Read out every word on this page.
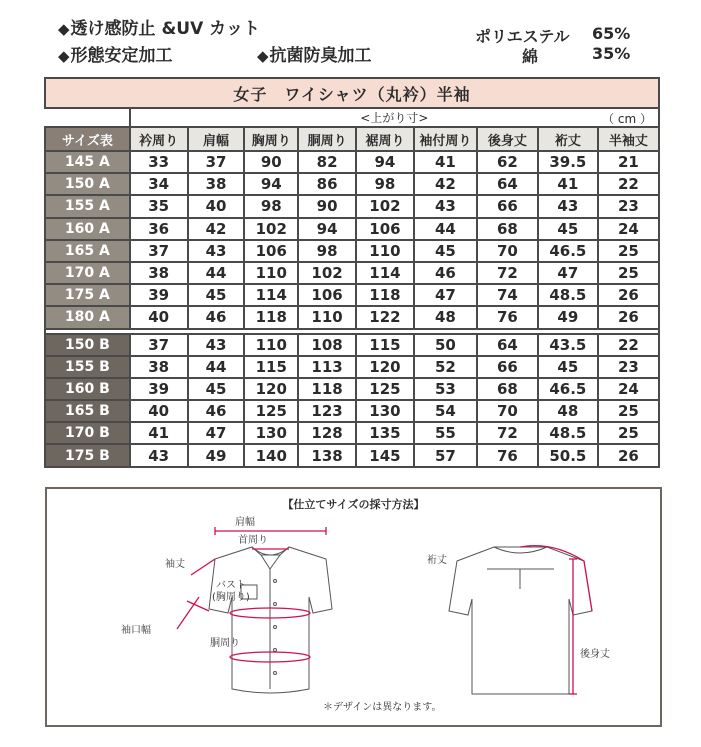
◆透け感防止 &UV カット
◆形態安定加工	◆抗菌防臭加工
ポリエステル 65%
綿	35%
女子　ワイシャツ（丸衿）半袖									
	<上がり寸> （ cm ）								

サイズ表	衿周り	肩幅	胸周り	胴周り	裾周り	袖付周り	後身丈	裄丈	半袖丈
145 A	33	37	90	82	94	41	62	39.5	21
150 A	34	38	94	86	98	42	64	41	22
155 A	35	40	98	90	102	43	66	43	23
160 A	36	42	102	94	106	44	68	45	24
165 A	37	43	106	98	110	45	70	46.5	25
170 A	38	44	110	102	114	46	72	47	25
175 A	39	45	114	106	118	47	74	48.5	26
180 A	40	46	118	110	122	48	76	49	26

150 B	37	43	110	108	115	50	64	43.5	22
155 B	38	44	115	113	120	52	66	45	23
160 B	39	45	120	118	125	53	68	46.5	24
165 B	40	46	125	123	130	54	70	48	25
170 B	41	47	130	128	135	55	72	48.5	25
175 B	43	49	140	138	145	57	76	50.5	26
【仕立てサイズの採寸方法】
肩幅
首周り
袖丈
バスト
(胸周り)
袖口幅
胴周り
裄丈
後身丈
＊デザインは異なります。
